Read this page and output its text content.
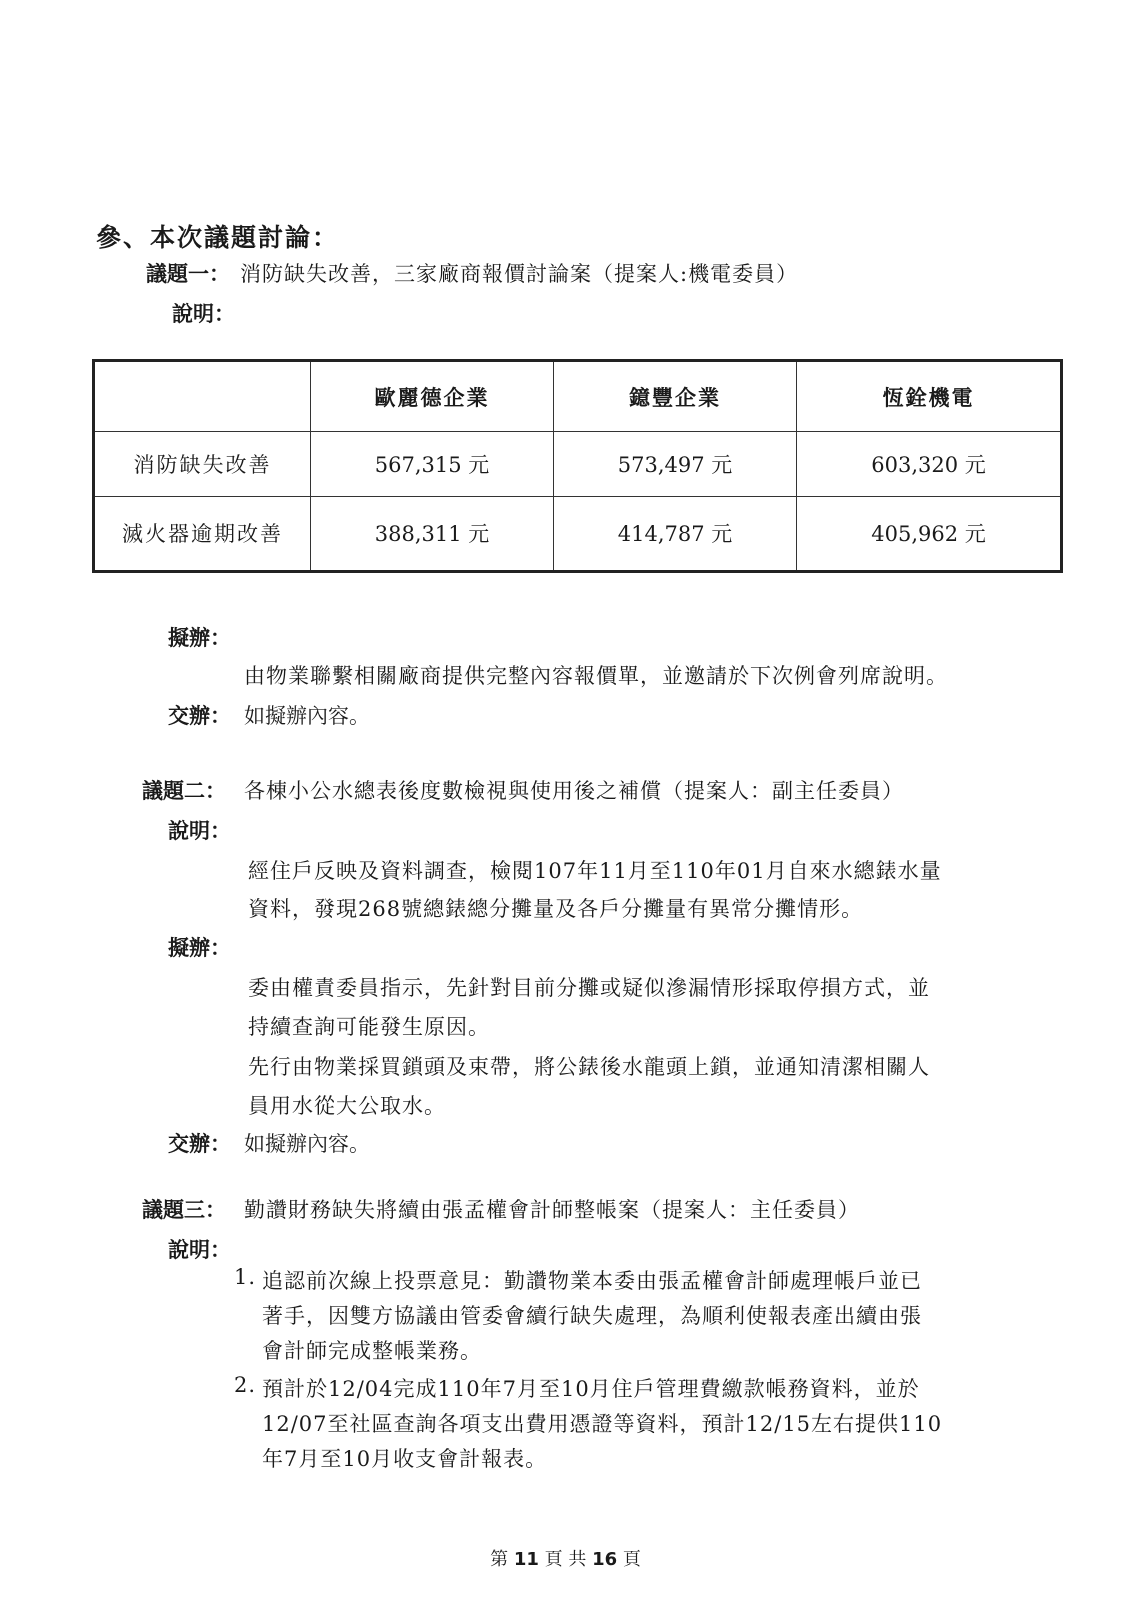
參、本次議題討論：
議題一： 消防缺失改善，三家廠商報價討論案（提案人:機電委員）
說明：
	歐麗德企業	鐿豐企業	恆銓機電
消防缺失改善	567,315 元	573,497 元	603,320 元
滅火器逾期改善	388,311 元	414,787 元	405,962 元
擬辦：
由物業聯繫相關廠商提供完整內容報價單，並邀請於下次例會列席說明。
交辦： 如擬辦內容。
議題二： 各棟小公水總表後度數檢視與使用後之補償（提案人：副主任委員）
說明：
經住戶反映及資料調查，檢閱107年11月至110年01月自來水總錶水量
資料，發現268號總錶總分攤量及各戶分攤量有異常分攤情形。
擬辦：
委由權責委員指示，先針對目前分攤或疑似滲漏情形採取停損方式，並
持續查詢可能發生原因。
先行由物業採買鎖頭及束帶，將公錶後水龍頭上鎖，並通知清潔相關人
員用水從大公取水。
交辦： 如擬辦內容。
議題三： 勤讚財務缺失將續由張孟權會計師整帳案（提案人：主任委員）
說明：
1. 追認前次線上投票意見：勤讚物業本委由張孟權會計師處理帳戶並已
著手，因雙方協議由管委會續行缺失處理，為順利使報表產出續由張
會計師完成整帳業務。
2. 預計於12/04完成110年7月至10月住戶管理費繳款帳務資料，並於
12/07至社區查詢各項支出費用憑證等資料，預計12/15左右提供110
年7月至10月收支會計報表。
第 11 頁 共 16 頁
